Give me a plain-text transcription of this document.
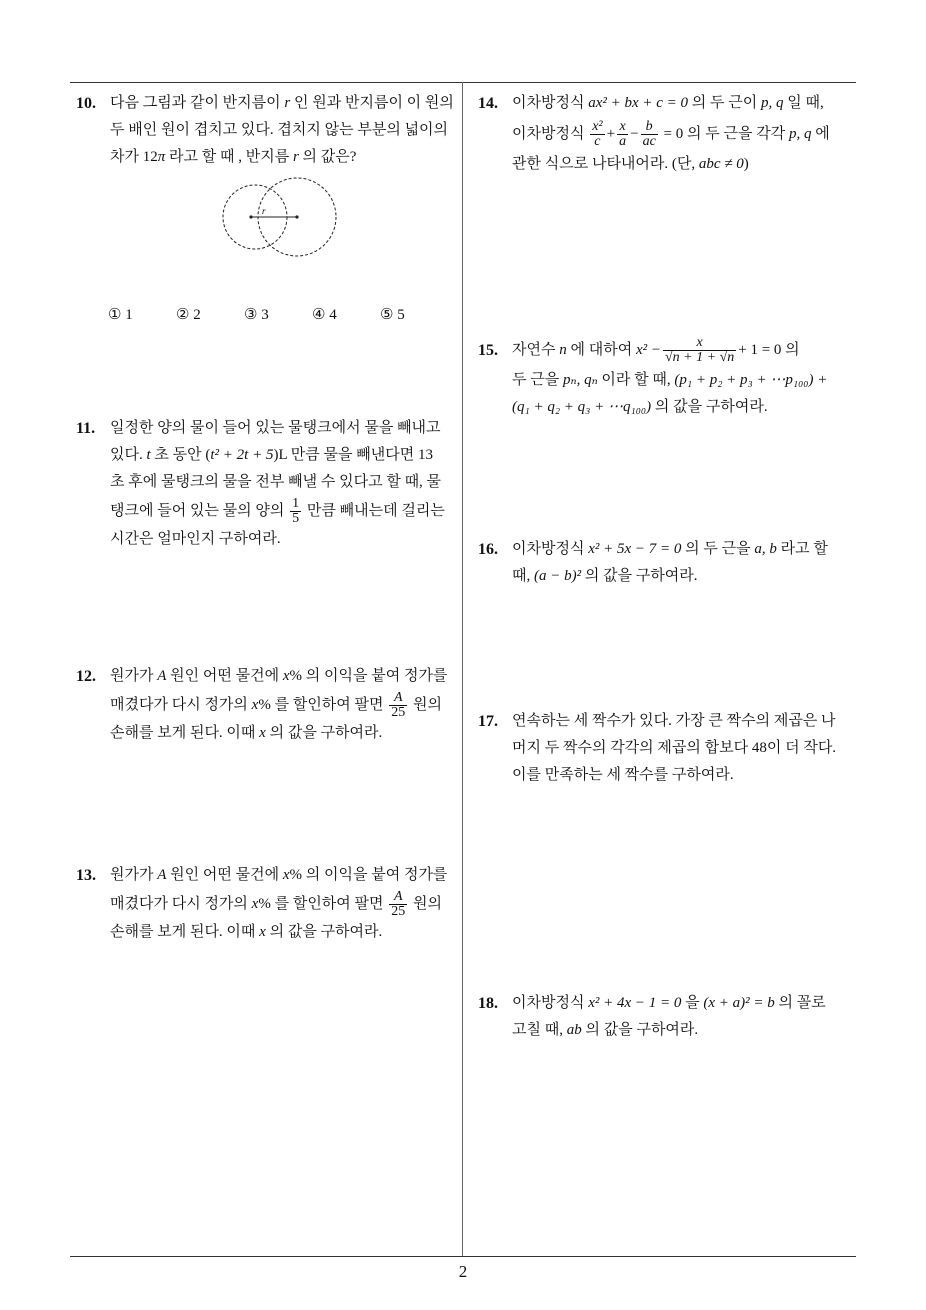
10. 다음 그림과 같이 반지름이 r 인 원과 반지름이 이 원의
두 배인 원이 겹치고 있다. 겹치지 않는 부분의 넓이의
차가 12π 라고 할 때 , 반지름 r 의 값은?
r
① 1	② 2	③ 3	④ 4	⑤ 5
11. 일정한 양의 물이 들어 있는 물탱크에서 물을 빼내고
있다. t 초 동안 (t² + 2t + 5)L 만큼 물을 빼낸다면 13
초 후에 물탱크의 물을 전부 빼낼 수 있다고 할 때, 물
탱크에 들어 있는 물의 양의 $\frac{1}{5}$ 만큼 빼내는데 걸리는
시간은 얼마인지 구하여라.
12. 원가가 A 원인 어떤 물건에 x% 의 이익을 붙여 정가를
매겼다가 다시 정가의 x% 를 할인하여 팔면 $\frac{A}{25}$ 원의
손해를 보게 된다. 이때 x 의 값을 구하여라.
13. 원가가 A 원인 어떤 물건에 x% 의 이익을 붙여 정가를
매겼다가 다시 정가의 x% 를 할인하여 팔면 $\frac{A}{25}$ 원의
손해를 보게 된다. 이때 x 의 값을 구하여라.
14. 이차방정식 ax² + bx + c = 0 의 두 근이 p, q 일 때,
이차방정식 $\frac{\text{x²}}{c} + \frac{x}{a} - \frac{b}{ac} = 0$ 의 두 근을 각각 p, q 에
관한 식으로 나타내어라. (단, abc ≠ 0)
15. 자연수 n 에 대하여 $x^2 - \frac{x}{√n + 1 + √n} + 1 = 0$ 의
두 근을 pₙ, qₙ 이라 할 때, (p₁ + p₂ + p₃ + ⋯p₁₀₀) +
(q₁ + q₂ + q₃ + ⋯q₁₀₀) 의 값을 구하여라.
16. 이차방정식 x² + 5x − 7 = 0 의 두 근을 a, b 라고 할
때, (a − b)² 의 값을 구하여라.
17. 연속하는 세 짝수가 있다. 가장 큰 짝수의 제곱은 나
머지 두 짝수의 각각의 제곱의 합보다 48이 더 작다.
이를 만족하는 세 짝수를 구하여라.
18. 이차방정식 x² + 4x − 1 = 0 을 (x + a)² = b 의 꼴로
고칠 때, ab 의 값을 구하여라.
2
